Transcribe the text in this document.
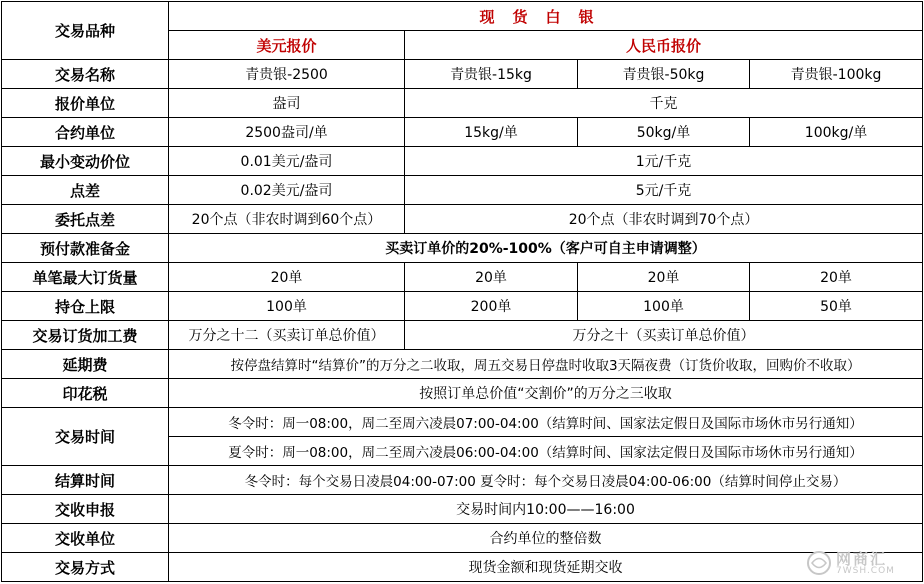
交易品种	现货白银			
	美元报价	人民币报价		
交易名称	青贵银-2500	青贵银-15kg	青贵银-50kg	青贵银-100kg
报价单位	盎司	千克		
合约单位	2500盎司/单	15kg/单	50kg/单	100kg/单
最小变动价位	0.01美元/盎司	1元/千克		
点差	0.02美元/盎司	5元/千克		
委托点差	20个点（非农时调到60个点）	20个点（非农时调到70个点）		
预付款准备金	买卖订单价的20%-100%（客户可自主申请调整）			
单笔最大订货量	20单	20单	20单	20单
持仓上限	100单	200单	100单	50单
交易订货加工费	万分之十二（买卖订单总价值）	万分之十（买卖订单总价值）		
延期费	按停盘结算时“结算价”的万分之二收取，周五交易日停盘时收取3天隔夜费（订货价收取，回购价不收取）			
印花税	按照订单总价值“交割价”的万分之三收取			
交易时间	冬令时：周一08:00，周二至周六凌晨07:00-04:00（结算时间、国家法定假日及国际市场休市另行通知）			
	夏令时：周一08:00，周二至周六凌晨06:00-04:00（结算时间、国家法定假日及国际市场休市另行通知）			
结算时间	冬令时：每个交易日凌晨04:00-07:00 夏令时：每个交易日凌晨04:00-06:00（结算时间停止交易）			
交收申报	交易时间内10:00——16:00			
交收单位	合约单位的整倍数			
交易方式	现货金额和现货延期交收				网商汇
7WSH.COM
